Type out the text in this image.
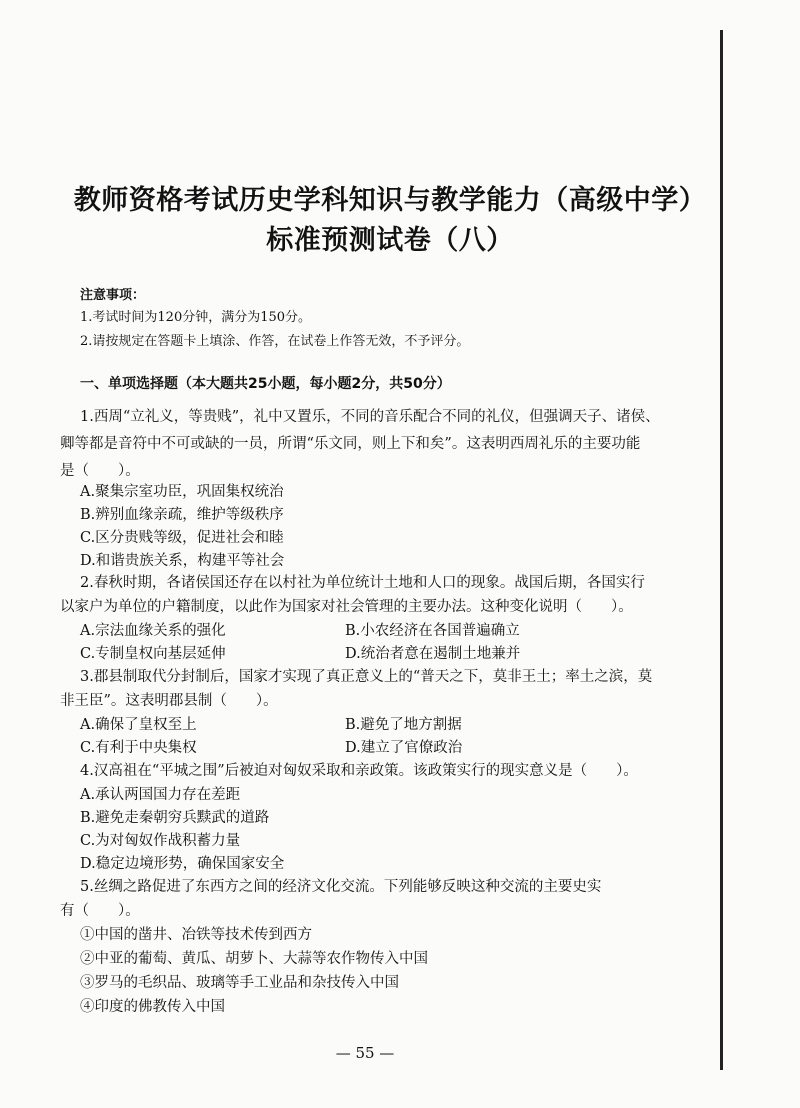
教师资格考试历史学科知识与教学能力（高级中学）
标准预测试卷（八）
注意事项：
1.考试时间为120分钟，满分为150分。
2.请按规定在答题卡上填涂、作答，在试卷上作答无效，不予评分。
一、单项选择题（本大题共25小题，每小题2分，共50分）
1.西周“立礼义，等贵贱”，礼中又置乐，不同的音乐配合不同的礼仪，但强调天子、诸侯、
卿等都是音符中不可或缺的一员，所谓“乐文同，则上下和矣”。这表明西周礼乐的主要功能
是（　　）。
A.聚集宗室功臣，巩固集权统治
B.辨别血缘亲疏，维护等级秩序
C.区分贵贱等级，促进社会和睦
D.和谐贵族关系，构建平等社会
2.春秋时期，各诸侯国还存在以村社为单位统计土地和人口的现象。战国后期，各国实行
以家户为单位的户籍制度，以此作为国家对社会管理的主要办法。这种变化说明（　　）。
A.宗法血缘关系的强化	B.小农经济在各国普遍确立
C.专制皇权向基层延伸	D.统治者意在遏制土地兼并
3.郡县制取代分封制后，国家才实现了真正意义上的“普天之下，莫非王土；率土之滨，莫
非王臣”。这表明郡县制（　　）。
A.确保了皇权至上	B.避免了地方割据
C.有利于中央集权	D.建立了官僚政治
4.汉高祖在“平城之围”后被迫对匈奴采取和亲政策。该政策实行的现实意义是（　　）。
A.承认两国国力存在差距
B.避免走秦朝穷兵黩武的道路
C.为对匈奴作战积蓄力量
D.稳定边境形势，确保国家安全
5.丝绸之路促进了东西方之间的经济文化交流。下列能够反映这种交流的主要史实
有（　　）。
①中国的凿井、冶铁等技术传到西方
②中亚的葡萄、黄瓜、胡萝卜、大蒜等农作物传入中国
③罗马的毛织品、玻璃等手工业品和杂技传入中国
④印度的佛教传入中国
— 55 —
